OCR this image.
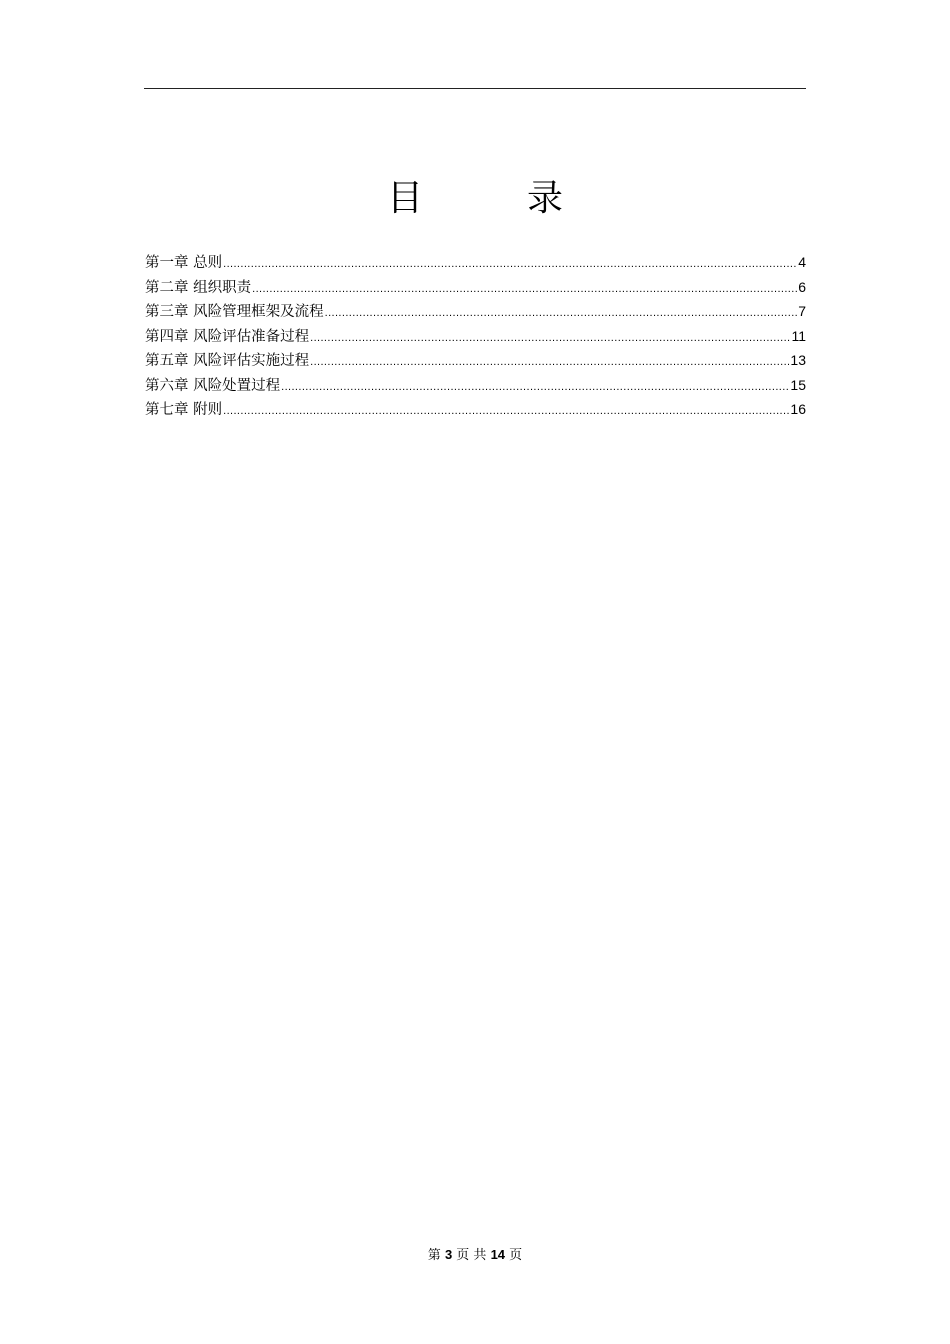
目　录
第一章 总则 .....	4
第二章 组织职责 .....	6
第三章 风险管理框架及流程 .....	7
第四章 风险评估准备过程 .....	11
第五章 风险评估实施过程 .....	13
第六章 风险处置过程 .....	15
第七章 附则 .....	16
第 3 页 共 14 页
